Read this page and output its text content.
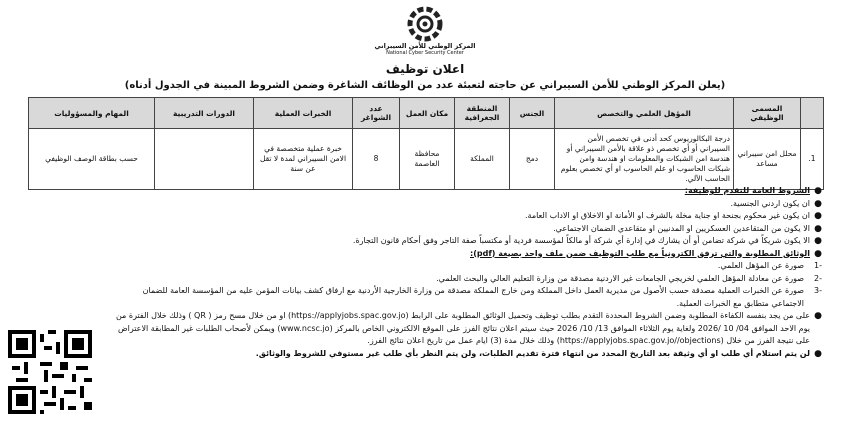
المركز الوطني للأمن السيبراني
National Cyber Security Center
اعلان توظيف
(يعلن المركز الوطني للأمن السيبراني عن حاجته لتعبئة عدد من الوظائف الشاغرة وضمن الشروط المبينة في الجدول أدناه)
	المسمى الوظيفي	المؤهل العلمي والتخصص	الجنس	المنطقة الجغرافية	مكان العمل	عدد الشواغر	الخبرات العملية	الدورات التدريبية	المهام والمسؤوليات
1.	محلل امن سيبراني مساعد	درجة البكالوريوس كحد أدنى في تخصص الأمن السيبراني أو أي تخصص ذو علاقة بالأمن السيبراني أو هندسة امن الشبكات والمعلومات او هندسة وامن شبكات الحاسوب او علم الحاسوب او أي تخصص بعلوم الحاسب الآلي.	دمج	المملكة	محافظة العاصمة	8	خبرة عملية متخصصة في الامن السيبراني لمدة لا تقل عن سنة		حسب بطاقة الوصف الوظيفي

●
الشروط العامة للتقدم للوظيفة:

●
ان يكون اردني الجنسية.

●
ان يكون غير محكوم بجنحة او جناية مخلة بالشرف او الأمانة او الاخلاق او الاداب العامة.

●
الا يكون من المتقاعدين العسكريين او المدنيين او متقاعدي الضمان الاجتماعي.

●
الا يكون شريكاً في شركة تضامن أو أن يشارك في إدارة أي شركة أو مالكاً لمؤسسة فردية أو مكتسباً صفة التاجر وفق أحكام قانون التجارة.

●
الوثائق المطلوبة والتي ترفق الكترونياً مع طلب التوظيف ضمن ملف واحد بصيغة (pdf):

-1
صورة عن المؤهل العلمي.

-2
صورة عن معادلة المؤهل العلمي لخريجي الجامعات غير الاردنية مصدقة من وزارة التعليم العالي والبحث العلمي.

-3
صورة عن الخبرات العملية مصدقة حسب الأصول من مديرية العمل داخل المملكة ومن خارج المملكة مصدقة من وزارة الخارجية الأردنية مع ارفاق كشف بيانات المؤمن عليه من المؤسسة العامة للضمان الاجتماعي متطابق مع الخبرات العملية.

●
على من يجد بنفسه الكفاءة المطلوبة وضمن الشروط المحددة التقدم بطلب توظيف وتحميل الوثائق المطلوبة على الرابط (https://applyjobs.spac.gov.jo) او من خلال مسح رمز ( QR ) وذلك خلال الفترة من يوم الاحد الموافق 04/ 10 /2026 ولغاية يوم الثلاثاء الموافق 13/ 10/ 2026 حيث سيتم اعلان نتائج الفرز على الموقع الالكتروني الخاص بالمركز (www.ncsc.jo) ويمكن لأصحاب الطلبات غير المطابقة الاعتراض على نتيجة الفرز من خلال (https://applyjobs.spac.gov.jo//objections) وذلك خلال مدة (3) ايام عمل من تاريخ اعلان نتائج الفرز.

●
لن يتم استلام أي طلب او أي وثيقة بعد التاريخ المحدد من انتهاء فترة تقديم الطلبات، ولن يتم النظر بأي طلب غير مستوفي للشروط والوثائق.
